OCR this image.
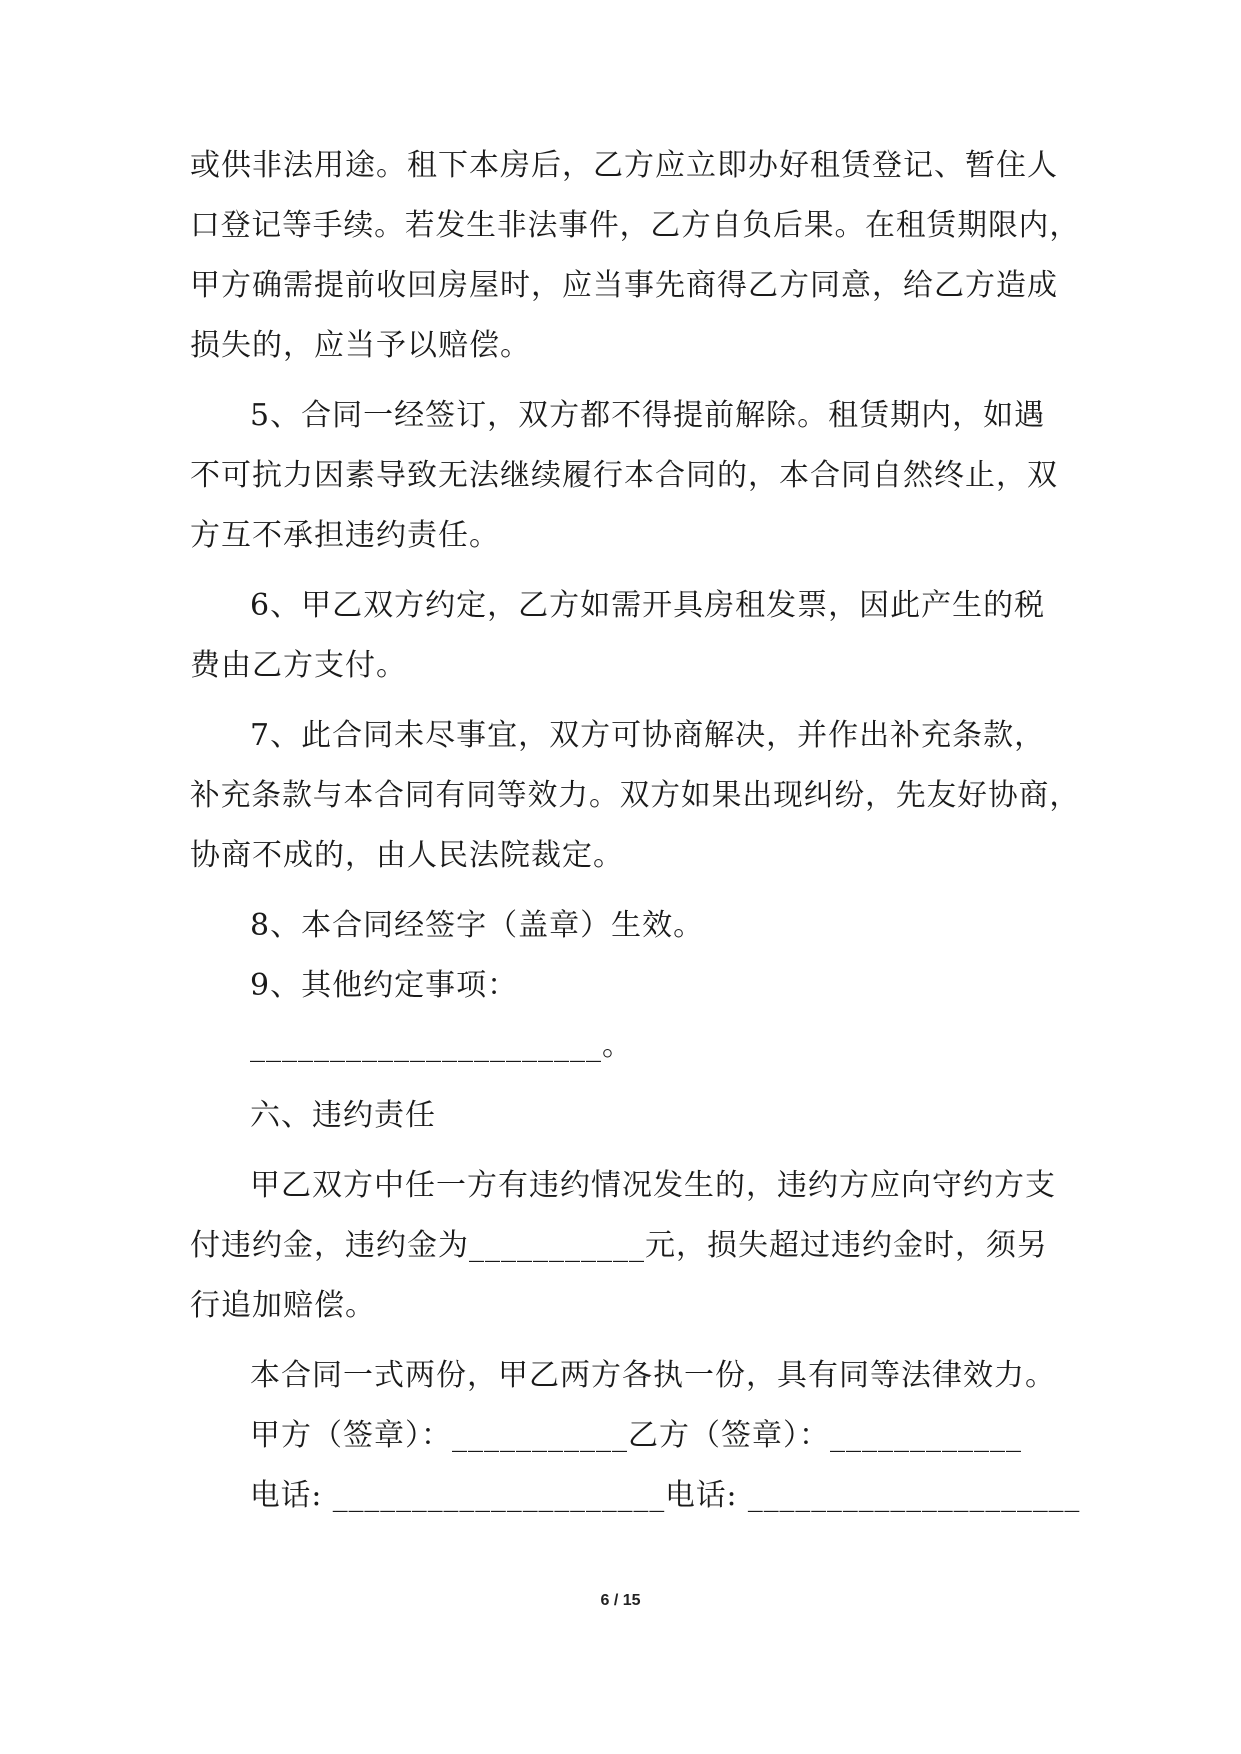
或供非法用途。租下本房后，乙方应立即办好租赁登记、暂住人
口登记等手续。若发生非法事件，乙方自负后果。在租赁期限内，
甲方确需提前收回房屋时，应当事先商得乙方同意，给乙方造成
损失的，应当予以赔偿。
5、合同一经签订，双方都不得提前解除。租赁期内，如遇
不可抗力因素导致无法继续履行本合同的，本合同自然终止，双
方互不承担违约责任。
6、甲乙双方约定，乙方如需开具房租发票，因此产生的税
费由乙方支付。
7、此合同未尽事宜，双方可协商解决，并作出补充条款，
补充条款与本合同有同等效力。双方如果出现纠纷，先友好协商，
协商不成的，由人民法院裁定。
8、本合同经签字（盖章）生效。
9、其他约定事项：
______________________。
六、违约责任
甲乙双方中任一方有违约情况发生的，违约方应向守约方支
付违约金，违约金为___________元，损失超过违约金时，须另
行追加赔偿。
本合同一式两份，甲乙两方各执一份，具有同等法律效力。
甲方（签章）：___________乙方（签章）：____________
电话: _____________________电话: _____________________
6 / 15
